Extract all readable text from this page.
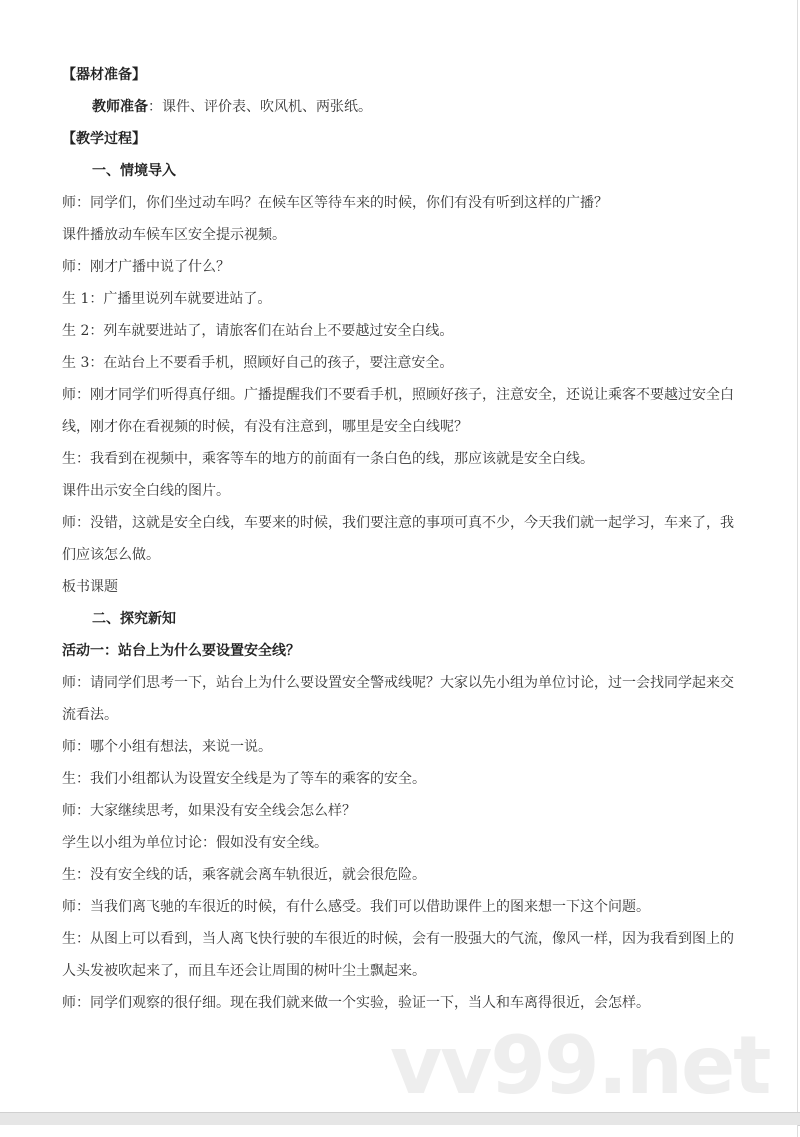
vv99.net

【器材准备】

教师准备：课件、评价表、吹风机、两张纸。

【教学过程】

一、情境导入

师：同学们，你们坐过动车吗？在候车区等待车来的时候，你们有没有听到这样的广播？

课件播放动车候车区安全提示视频。

师：刚才广播中说了什么？

生 1：广播里说列车就要进站了。

生 2：列车就要进站了，请旅客们在站台上不要越过安全白线。

生 3：在站台上不要看手机，照顾好自己的孩子，要注意安全。

师：刚才同学们听得真仔细。广播提醒我们不要看手机，照顾好孩子，注意安全，还说让乘客不要越过安全白线，刚才你在看视频的时候，有没有注意到，哪里是安全白线呢？

生：我看到在视频中，乘客等车的地方的前面有一条白色的线，那应该就是安全白线。

课件出示安全白线的图片。

师：没错，这就是安全白线，车要来的时候，我们要注意的事项可真不少，今天我们就一起学习，车来了，我们应该怎么做。

板书课题

二、探究新知

活动一：站台上为什么要设置安全线？

师：请同学们思考一下，站台上为什么要设置安全警戒线呢？大家以先小组为单位讨论，过一会找同学起来交流看法。

师：哪个小组有想法，来说一说。

生：我们小组都认为设置安全线是为了等车的乘客的安全。

师：大家继续思考，如果没有安全线会怎么样？

学生以小组为单位讨论：假如没有安全线。

生：没有安全线的话，乘客就会离车轨很近，就会很危险。

师：当我们离飞驰的车很近的时候，有什么感受。我们可以借助课件上的图来想一下这个问题。

生：从图上可以看到，当人离飞快行驶的车很近的时候，会有一股强大的气流，像风一样，因为我看到图上的人头发被吹起来了，而且车还会让周围的树叶尘土飘起来。

师：同学们观察的很仔细。现在我们就来做一个实验，验证一下，当人和车离得很近，会怎样。
